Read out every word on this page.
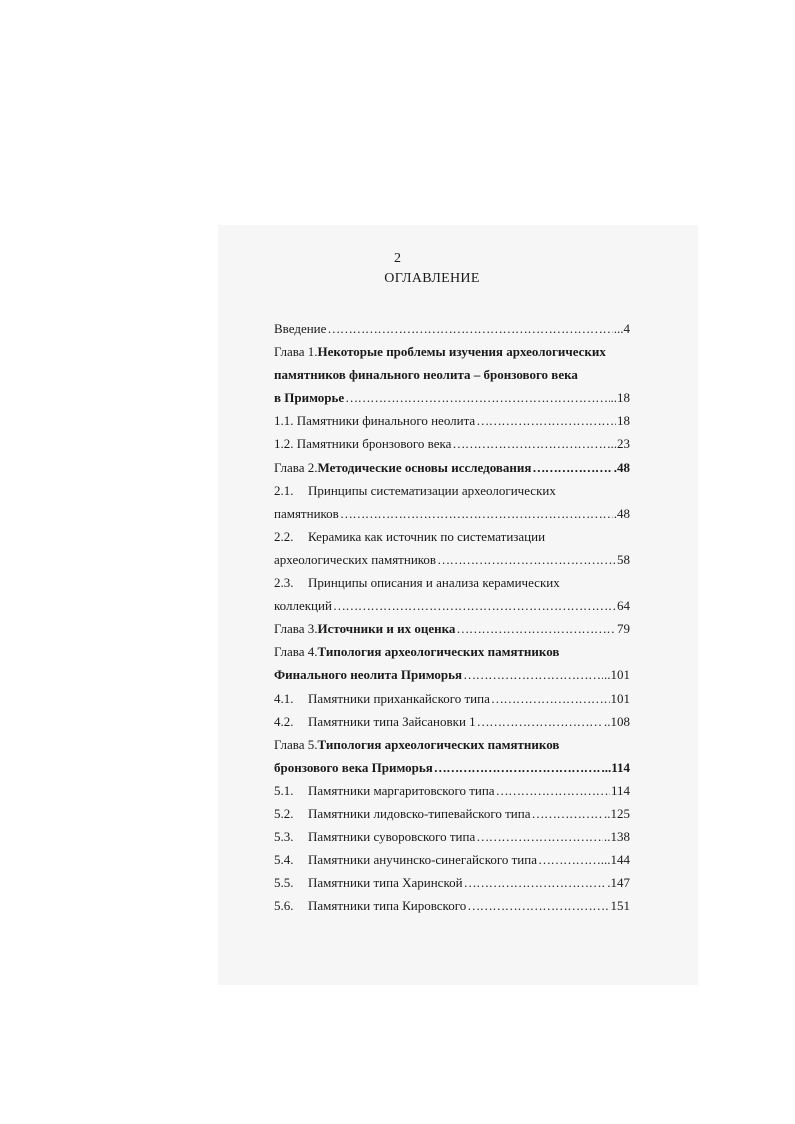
2
ОГЛАВЛЕНИЕ
Введение ……………………………………………………………………………………………………………………………	...4
Глава 1. Некоторые проблемы изучения археологических
памятников финального неолита – бронзового века
в Приморье ……………………………………………………………………………………………………………………………	..18
1.1. Памятники финального неолита ……………………………………………………………………………………………………………………………	18
1.2. Памятники бронзового века ……………………………………………………………………………………………………………………………	...23
Глава 2. Методические основы исследования ……………………………………………………………………………………………………………………………	.48
2.1.	Принципы систематизации археологических
памятников ……………………………………………………………………………………………………………………………	.48
2.2.	Керамика как источник по систематизации
археологических памятников ……………………………………………………………………………………………………………………………	58
2.3.	Принципы описания и анализа керамических
коллекций ……………………………………………………………………………………………………………………………	64
Глава 3. Источники и их оценка ……………………………………………………………………………………………………………………………	79
Глава 4. Типология археологических памятников
Финального неолита Приморья ……………………………………………………………………………………………………………………………	..101
4.1.	Памятники приханкайского типа ……………………………………………………………………………………………………………………………	101
4.2.	Памятники типа Зайсановки 1 ……………………………………………………………………………………………………………………………	..108
Глава 5. Типология археологических памятников
бронзового века Приморья ……………………………………………………………………………………………………………………………	...114
5.1.	Памятники маргаритовского типа ……………………………………………………………………………………………………………………………	114
5.2.	Памятники лидовско-типевайского типа ……………………………………………………………………………………………………………………………	..125
5.3.	Памятники суворовского типа ……………………………………………………………………………………………………………………………	..138
5.4.	Памятники анучинско-синегайского типа ……………………………………………………………………………………………………………………………	...144
5.5.	Памятники типа Харинской ……………………………………………………………………………………………………………………………	.147
5.6.	Памятники типа Кировского ……………………………………………………………………………………………………………………………	151
